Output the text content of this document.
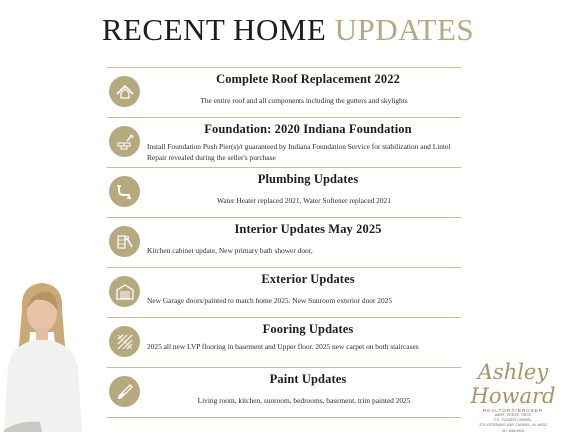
RECENT HOME UPDATES
Complete Roof Replacement 2022
The entire roof and all components including the gutters and skylights
Foundation: 2020 Indiana Foundation
Install Foundation Push Pier(s)/t guaranteed by Indiana Foundation Service for stabilization and Lintel Repair revealed during the seller's purchase
Plumbing Updates
Water Heater replaced 2021, Water Softener replaced 2021
Interior Updates May 2025
Kitchen cabinet update, New primary bath shower door,
Exterior Updates
New Garage doors/painted to match home 2025. New Sunroom exterior door 2025
Fooring Updates
2025 all new LVP flooring in basement and Upper floor. 2025 new carpet on both staircases
Paint Updates
Living room, kitchen, sunroom, bedrooms, basement, trim painted 2025
Ashley Howard
REALTOR®/BROKER
ABR®, SRES®, SRS®
F.C. TUCKER CARMEL
370 VETERANS WAY CARMEL, IN 46032
317-698-5906
